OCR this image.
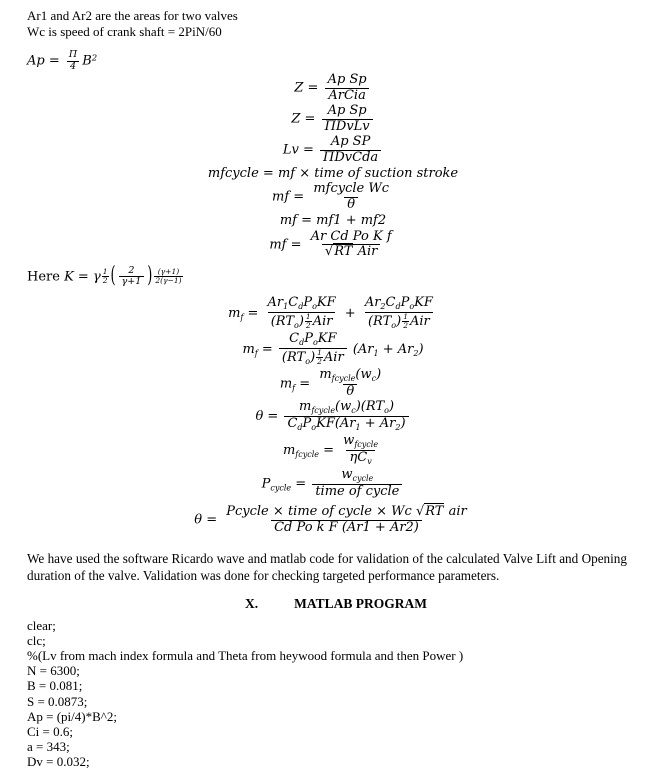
Ar1 and Ar2 are the areas for two valves
Wc is speed of crank shaft = 2PiN/60
$Ap = \frac{\Pi}{4} B^2$
$Z = \frac{\text{Ap Sp}}{\text{ArCia}}$
$Z = \frac{\text{Ap Sp}}{\text{ΠDvLv}}$
$Lv = \frac{\text{Ap SP}}{\text{ΠDvCda}}$
mfcycle = mf × time of suction stroke
mf = $\frac{\text{mfcycle Wc}}{\theta}$
mf = mf1 + mf2
mf = $\frac{\text{Ar Cd Po K f}}{\text{√RT Air}}$
Here K = γ $\frac{1}{2}$ ( $\frac{2}{\gamma+1}$ ) $\frac{(\gamma+1)}{2(\gamma-1)}$
$m_f = \frac{Ar_1C_dP_oKF}{(RT_o) \frac{1}{2} Air} + \frac{Ar_2C_dP_oKF}{(RT_o) \frac{1}{2} Air}$
$m_f = \frac{C_dP_oKF}{(RT_o) \frac{1}{2} Air} (Ar_1 + Ar_2)$
$m_f = \frac{m_{fcycle}(w_c)}{\theta}$
$\theta = \frac{m_{fcycle}(w_c)(RT_o)}{C_dP_oKF(Ar_1 + Ar_2)}$
$m_{fcycle} = \frac{w_{fcycle}}{\eta C_v}$
$P_{cycle} = \frac{w_{cycle}}{\text{time of cycle}}$
$\theta = \frac{\text{Pcycle × time of cycle × Wc √RT air}}{\text{Cd Po k F (Ar1 + Ar2)}}$

We have used the software Ricardo wave and matlab code for validation of the calculated Valve Lift and Opening duration of the valve. Validation was done for checking targeted performance parameters.

X.	MATLAB PROGRAM
clear;
clc;
%(Lv from mach index formula and Theta from heywood formula and then Power )
N = 6300;
B = 0.081;
S = 0.0873;
Ap = (pi/4)*B^2;
Ci = 0.6;
a = 343;
Dv = 0.032;
